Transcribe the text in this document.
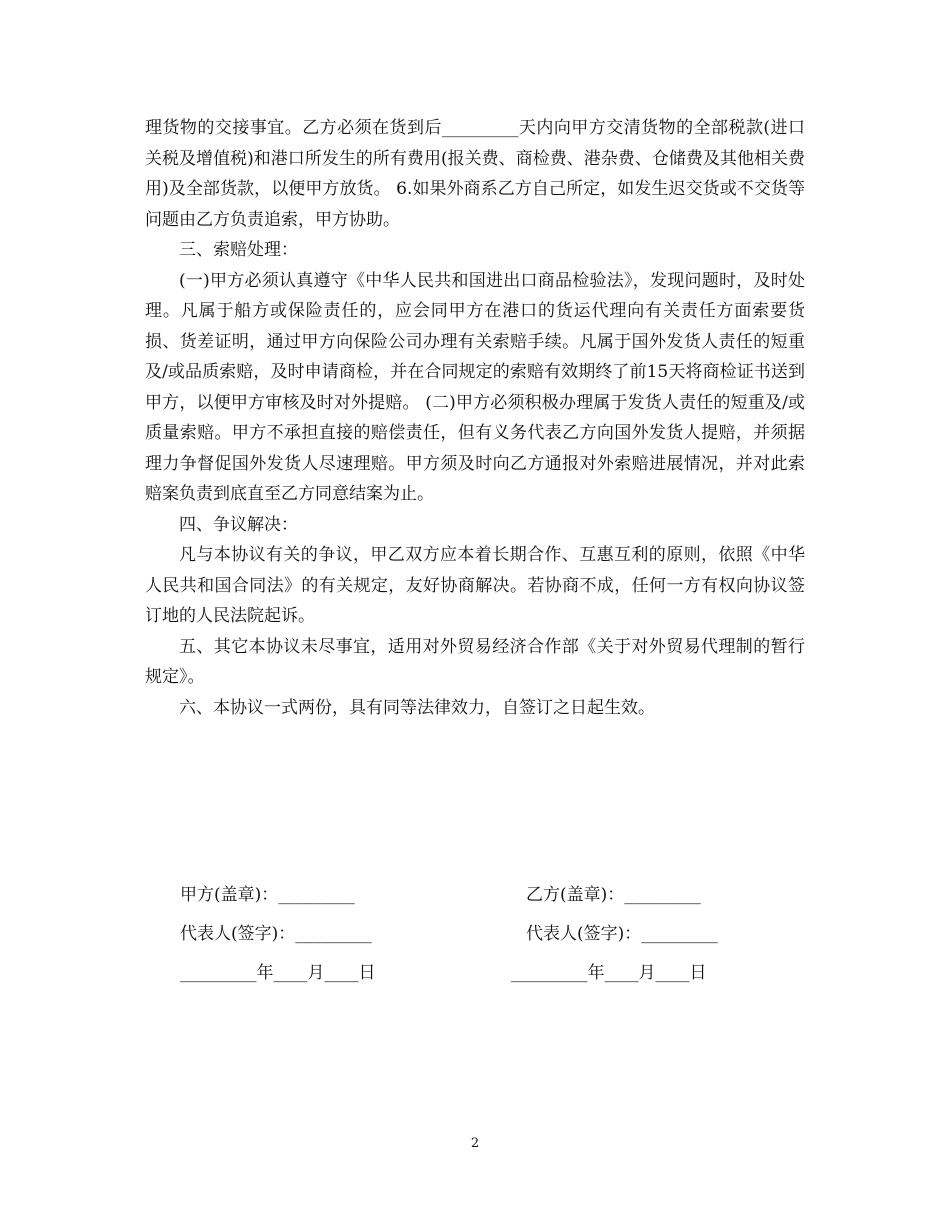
理货物的交接事宜。乙方必须在货到后_________天内向甲方交清货物的全部税款(进口关税及增值税)和港口所发生的所有费用(报关费、商检费、港杂费、仓储费及其他相关费用)及全部货款，以便甲方放货。 6.如果外商系乙方自己所定，如发生迟交货或不交货等问题由乙方负责追索，甲方协助。

三、索赔处理：

(一)甲方必须认真遵守《中华人民共和国进出口商品检验法》，发现问题时，及时处理。凡属于船方或保险责任的，应会同甲方在港口的货运代理向有关责任方面索要货损、货差证明，通过甲方向保险公司办理有关索赔手续。凡属于国外发货人责任的短重及/或品质索赔，及时申请商检，并在合同规定的索赔有效期终了前15天将商检证书送到甲方，以便甲方审核及时对外提赔。 (二)甲方必须积极办理属于发货人责任的短重及/或质量索赔。甲方不承担直接的赔偿责任，但有义务代表乙方向国外发货人提赔，并须据理力争督促国外发货人尽速理赔。甲方须及时向乙方通报对外索赔进展情况，并对此索赔案负责到底直至乙方同意结案为止。

四、争议解决：

凡与本协议有关的争议，甲乙双方应本着长期合作、互惠互利的原则，依照《中华人民共和国合同法》的有关规定，友好协商解决。若协商不成，任何一方有权向协议签订地的人民法院起诉。

五、其它本协议未尽事宜，适用对外贸易经济合作部《关于对外贸易代理制的暂行规定》。

六、本协议一式两份，具有同等法律效力，自签订之日起生效。

甲方(盖章)：_________	乙方(盖章)：_________
代表人(签字)：_________	代表人(签字)：_________
_________年____月____日	_________年____月____日
2
